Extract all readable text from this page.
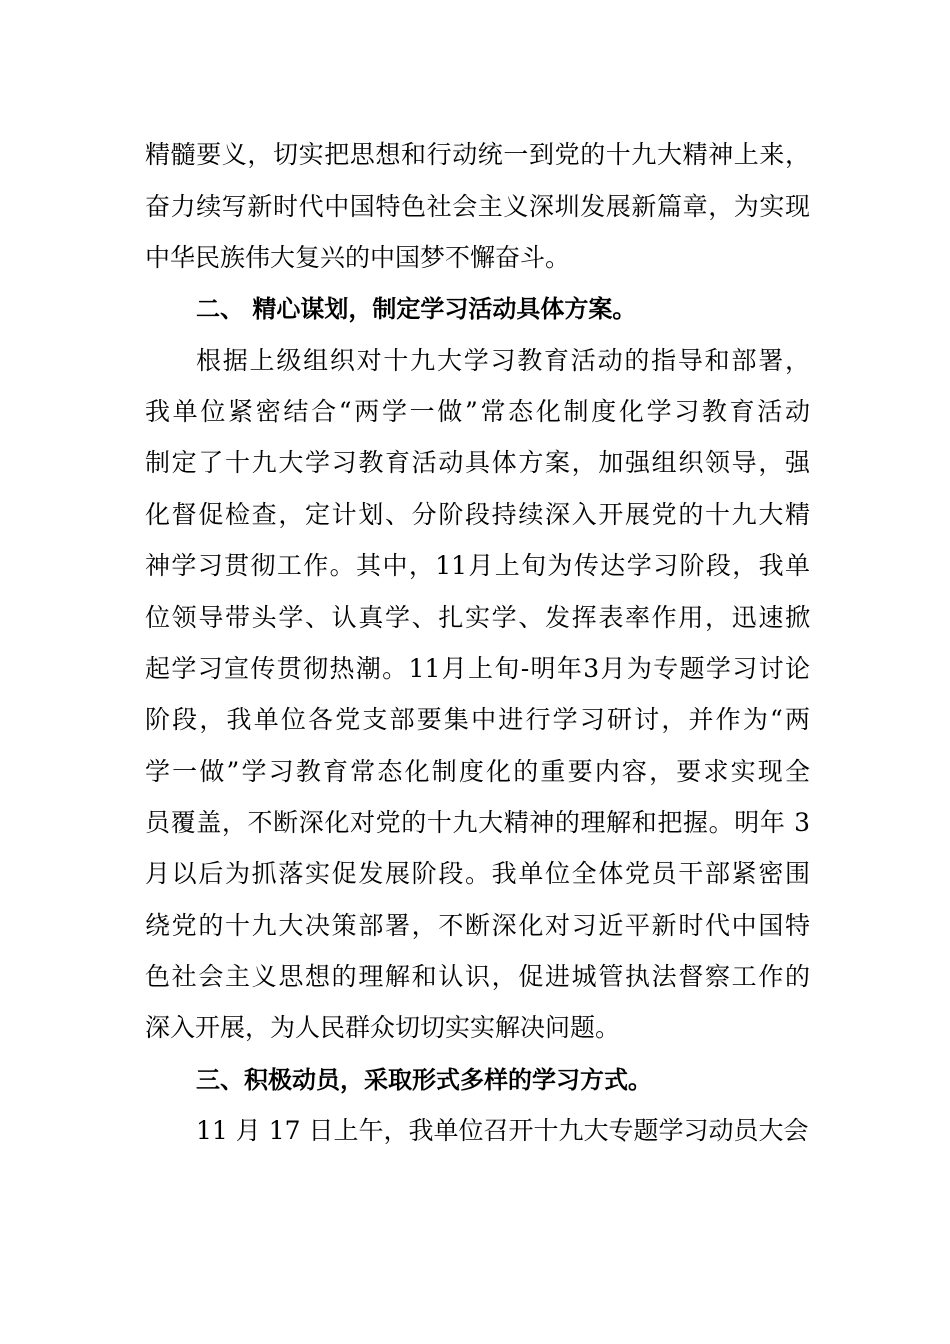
精髓要义，切实把思想和行动统一到党的十九大精神上来，
奋力续写新时代中国特色社会主义深圳发展新篇章，为实现
中华民族伟大复兴的中国梦不懈奋斗。
二、 精心谋划，制定学习活动具体方案。
根据上级组织对十九大学习教育活动的指导和部署，
我单位紧密结合“两学一做”常态化制度化学习教育活动
制定了十九大学习教育活动具体方案，加强组织领导，强
化督促检查，定计划、分阶段持续深入开展党的十九大精
神学习贯彻工作。其中，11月上旬为传达学习阶段，我单
位领导带头学、认真学、扎实学、发挥表率作用，迅速掀
起学习宣传贯彻热潮。11月上旬-明年3月为专题学习讨论
阶段，我单位各党支部要集中进行学习研讨，并作为“两
学一做”学习教育常态化制度化的重要内容，要求实现全
员覆盖，不断深化对党的十九大精神的理解和把握。明年 3
月以后为抓落实促发展阶段。我单位全体党员干部紧密围
绕党的十九大决策部署，不断深化对习近平新时代中国特
色社会主义思想的理解和认识，促进城管执法督察工作的
深入开展，为人民群众切切实实解决问题。
三、积极动员，采取形式多样的学习方式。
11 月 17 日上午，我单位召开十九大专题学习动员大会
